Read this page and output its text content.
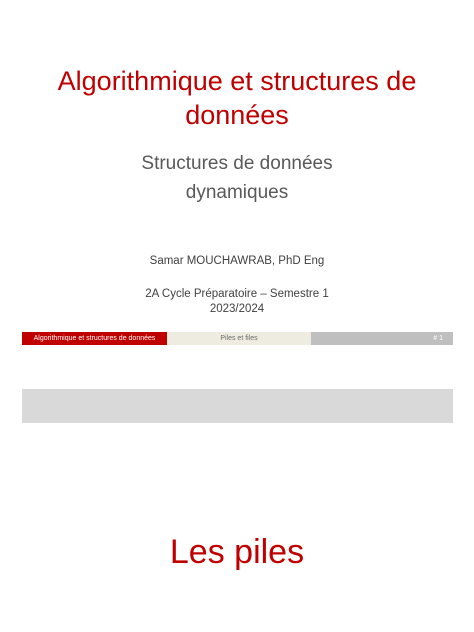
Algorithmique et structures de
données
Structures de données
dynamiques
Samar MOUCHAWRAB, PhD Eng
2A Cycle Préparatoire – Semestre 1
2023/2024
Algorithmique et structures de données	Piles et files	# 1
Les piles
